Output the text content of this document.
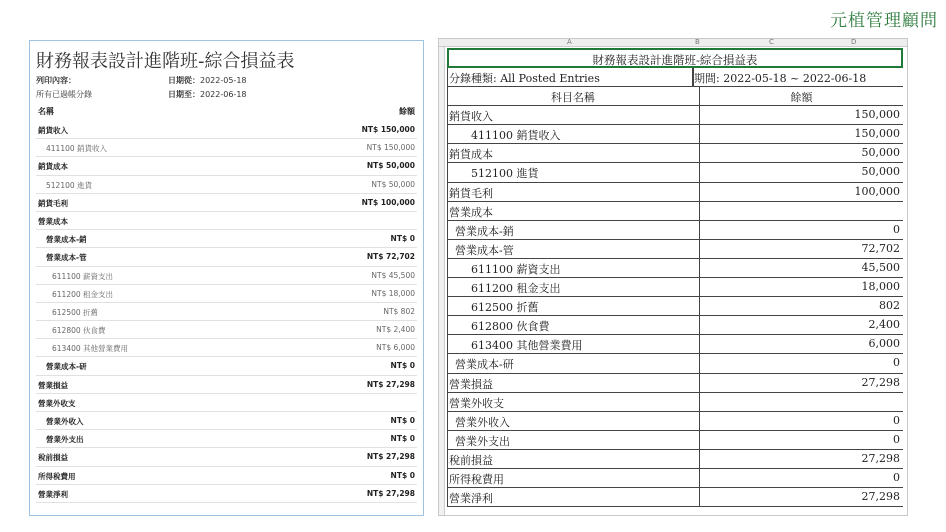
元植管理顧問
財務報表設計進階班-綜合損益表
列印內容：
所有已過帳分錄
日期從：2022-05-18
日期至：2022-06-18
名稱	餘額
銷貨收入	NT$ 150,000
411100 銷貨收入	NT$ 150,000
銷貨成本	NT$ 50,000
512100 進貨	NT$ 50,000
銷貨毛利	NT$ 100,000
營業成本
營業成本-銷	NT$ 0
營業成本-管	NT$ 72,702
611100 薪資支出	NT$ 45,500
611200 租金支出	NT$ 18,000
612500 折舊	NT$ 802
612800 伙食費	NT$ 2,400
613400 其他營業費用	NT$ 6,000
營業成本-研	NT$ 0
營業損益	NT$ 27,298
營業外收支
營業外收入	NT$ 0
營業外支出	NT$ 0
稅前損益	NT$ 27,298
所得稅費用	NT$ 0
營業淨利	NT$ 27,298
A	B	C	D
財務報表設計進階班-綜合損益表
分錄種類: All Posted Entries	期間: 2022-05-18 ~ 2022-06-18
科目名稱	餘額
銷貨收入	150,000
411100 銷貨收入	150,000
銷貨成本	50,000
512100 進貨	50,000
銷貨毛利	100,000
營業成本
營業成本-銷	0
營業成本-管	72,702
611100 薪資支出	45,500
611200 租金支出	18,000
612500 折舊	802
612800 伙食費	2,400
613400 其他營業費用	6,000
營業成本-研	0
營業損益	27,298
營業外收支
營業外收入	0
營業外支出	0
稅前損益	27,298
所得稅費用	0
營業淨利	27,298
